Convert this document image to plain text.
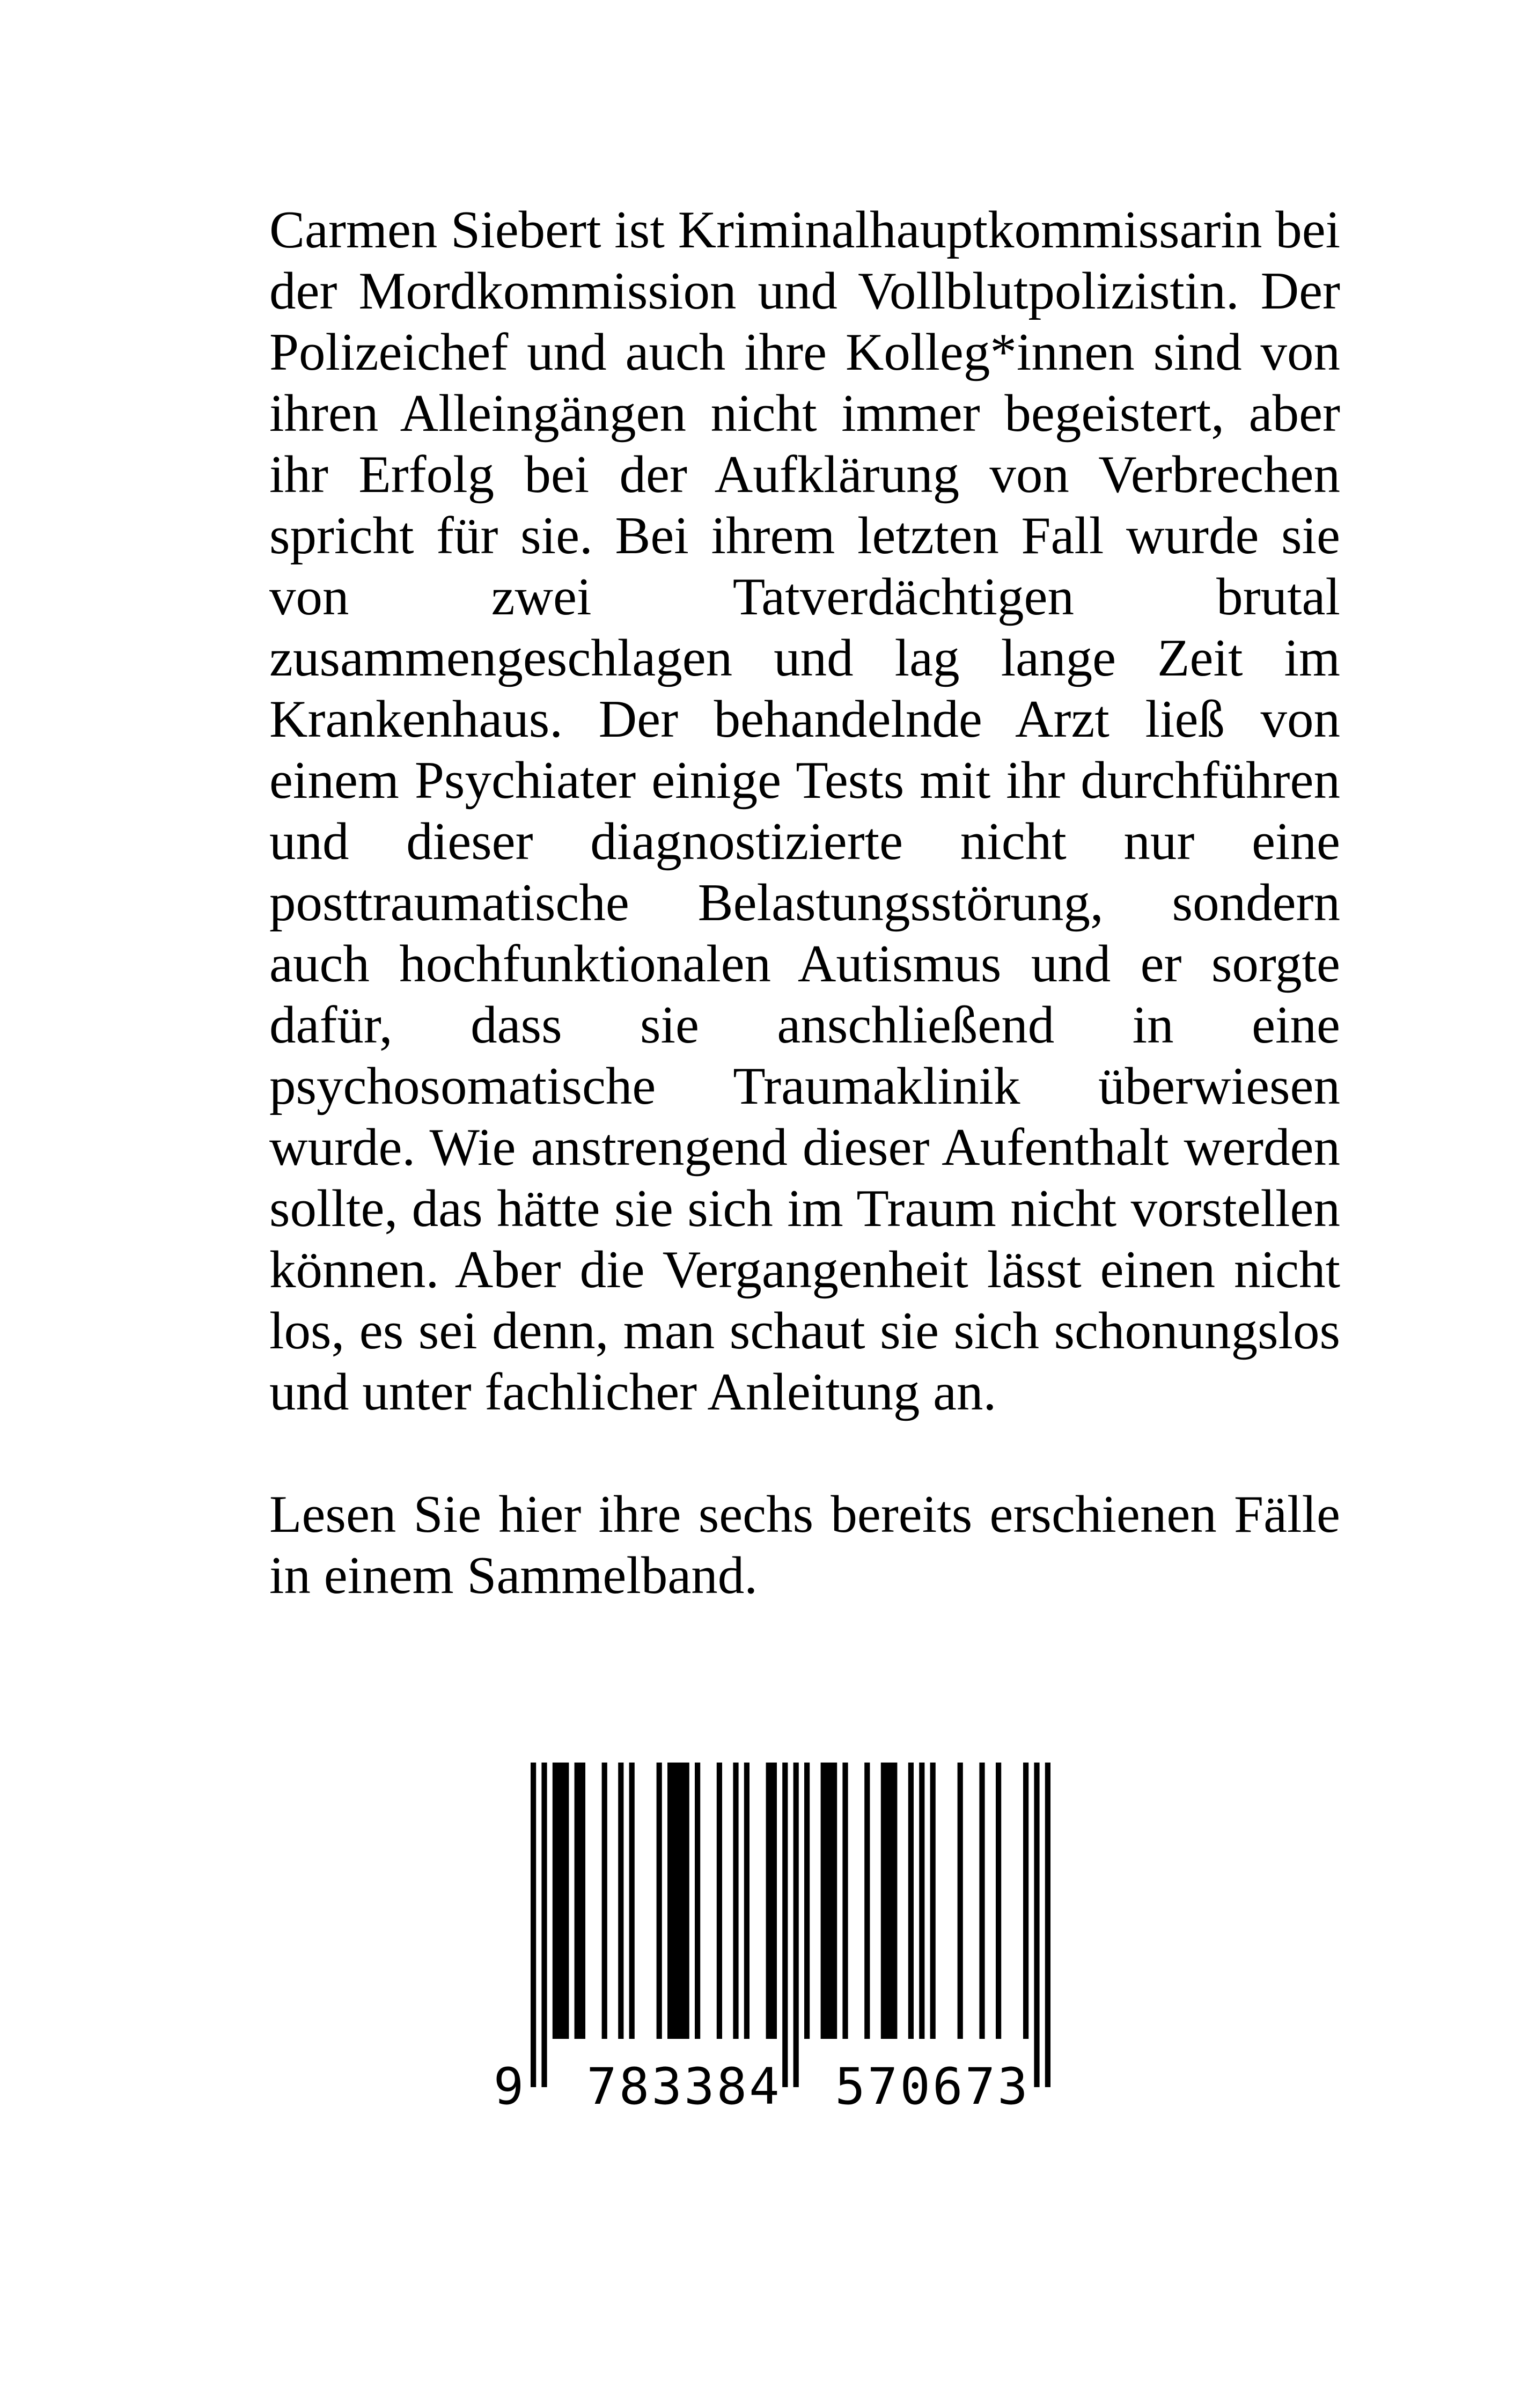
Carmen Siebert ist Kriminalhauptkommissarin bei
der Mordkommission und Vollblutpolizistin. Der
Polizeichef und auch ihre Kolleg*innen sind von
ihren Alleingängen nicht immer begeistert, aber
ihr Erfolg bei der Aufklärung von Verbrechen
spricht für sie. Bei ihrem letzten Fall wurde sie
von zwei Tatverdächtigen brutal
zusammengeschlagen und lag lange Zeit im
Krankenhaus. Der behandelnde Arzt ließ von
einem Psychiater einige Tests mit ihr durchführen
und dieser diagnostizierte nicht nur eine
posttraumatische Belastungsstörung, sondern
auch hochfunktionalen Autismus und er sorgte
dafür, dass sie anschließend in eine
psychosomatische Traumaklinik überwiesen
wurde. Wie anstrengend dieser Aufenthalt werden
sollte, das hätte sie sich im Traum nicht vorstellen
können. Aber die Vergangenheit lässt einen nicht
los, es sei denn, man schaut sie sich schonungslos
und unter fachlicher Anleitung an.
Lesen Sie hier ihre sechs bereits erschienen Fälle
in einem Sammelband.
9 783384 570673
